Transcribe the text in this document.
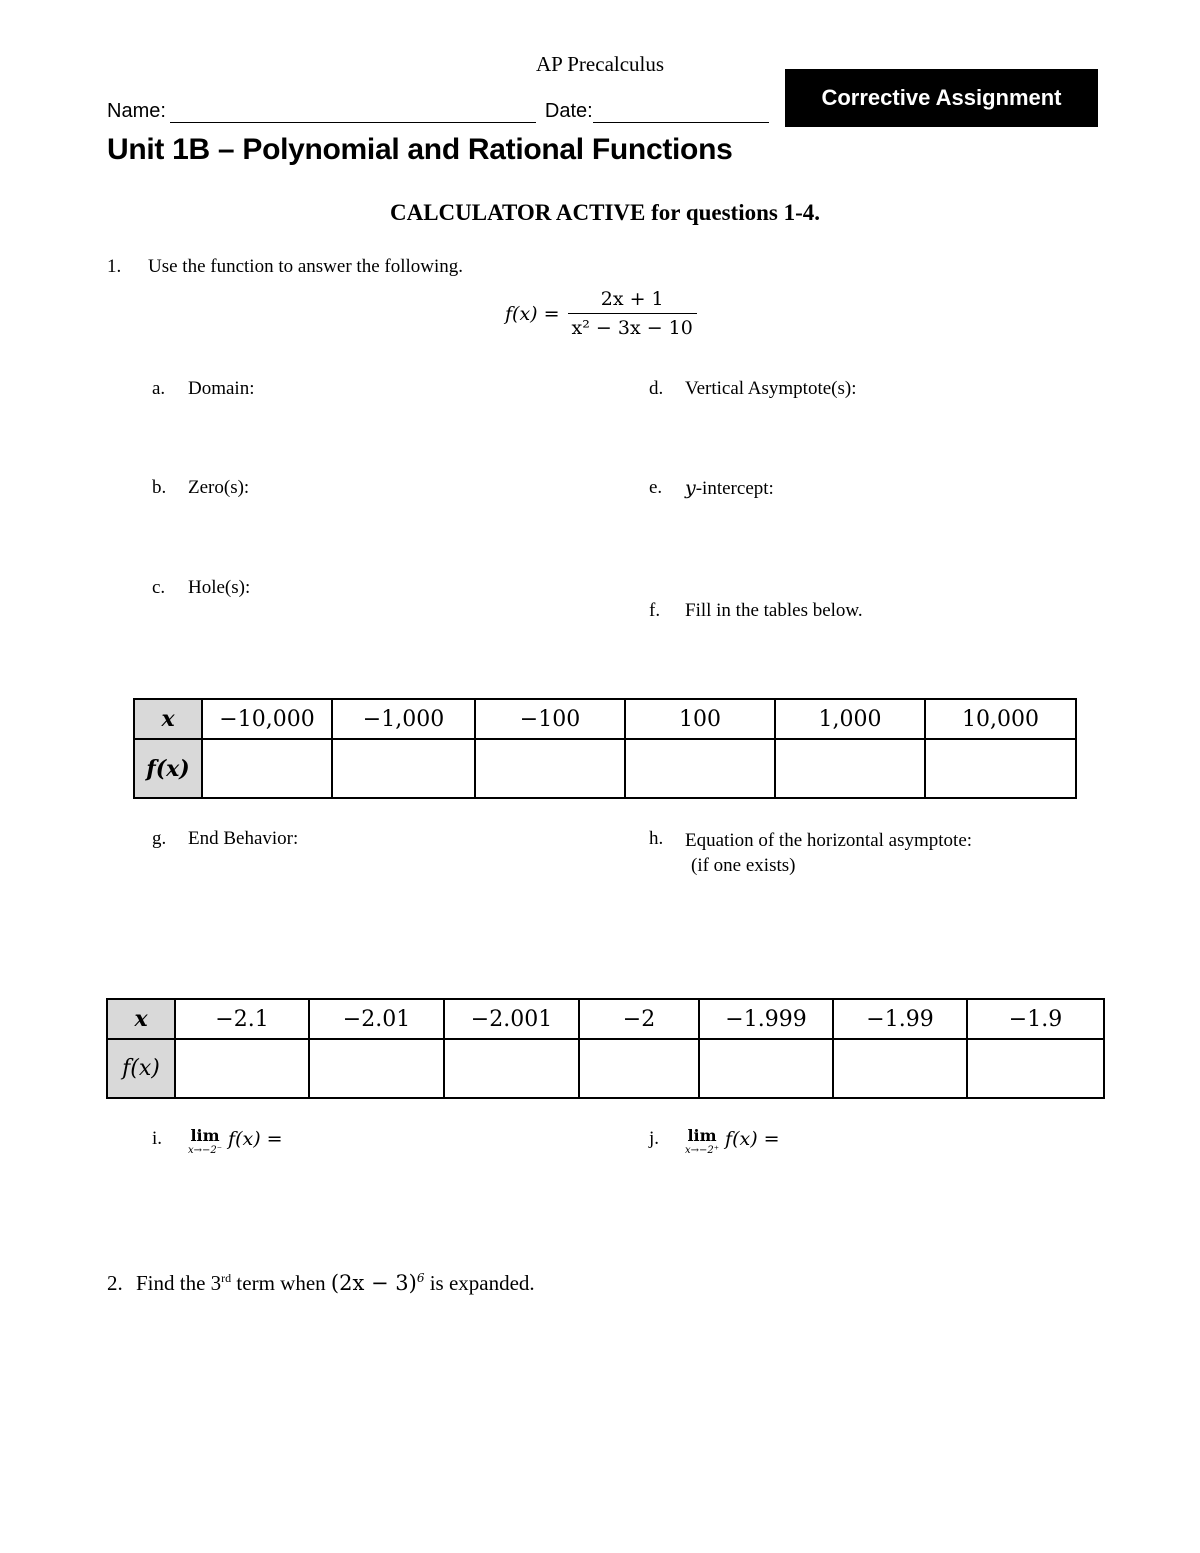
AP Precalculus
Name:	Date:
Corrective Assignment
Unit 1B – Polynomial and Rational Functions
CALCULATOR ACTIVE for questions 1-4.
1. Use the function to answer the following.
$f(x) = \frac{2x + 1}{\text{x² − 3x − 10}}$
a.	Domain:
b.	Zero(s):
c.	Hole(s):
d.	Vertical Asymptote(s):
e.	y-intercept:
f.	Fill in the tables below.
x	−10,000	−1,000	−100	100	1,000	10,000
f(x)						
g.	End Behavior:	h.	Equation of the horizontal asymptote:
(if one exists)
x	−2.1	−2.01	−2.001	−2	−1.999	−1.99	−1.9
f(x)							
i.	lim
x→−2⁻
f(x) =	j.	lim
x→−2⁺
f(x) =
2. Find the 3rd term when $(2x - 3)^6$ is expanded.
